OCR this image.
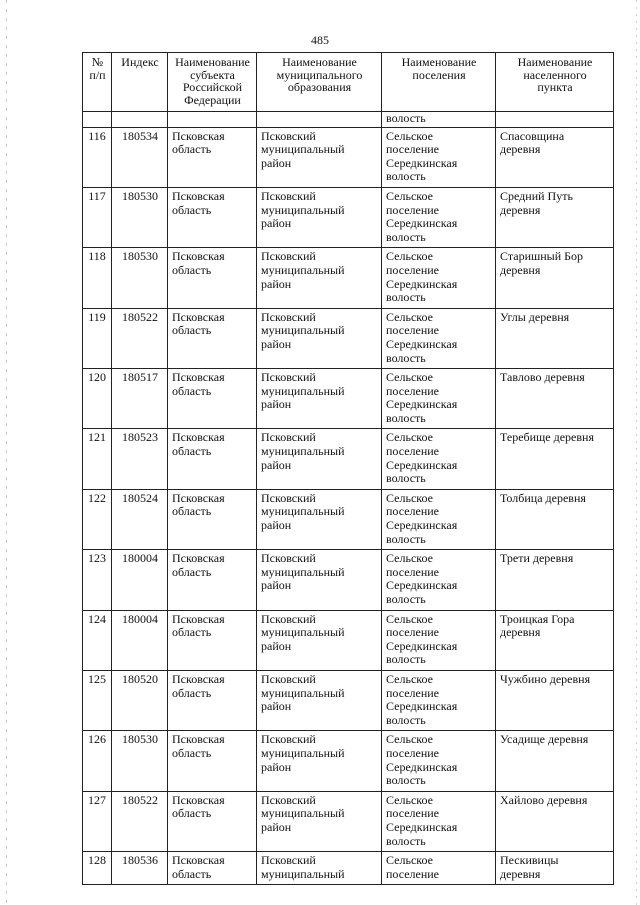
485
№
п/п	Индекс	Наименование
субъекта
Российской
Федерации	Наименование
муниципального
образования	Наименование
поселения	Наименование
населенного
пункта

				волость	
116	180534	Псковская
область	Псковский
муниципальный
район	Сельское
поселение
Середкинская
волость	Спасовщина
деревня

117	180530	Псковская
область	Псковский
муниципальный
район	Сельское
поселение
Середкинская
волость	Средний Путь
деревня

118	180530	Псковская
область	Псковский
муниципальный
район	Сельское
поселение
Середкинская
волость	Старишный Бор
деревня

119	180522	Псковская
область	Псковский
муниципальный
район	Сельское
поселение
Середкинская
волость	Углы деревня

120	180517	Псковская
область	Псковский
муниципальный
район	Сельское
поселение
Середкинская
волость	Тавлово деревня

121	180523	Псковская
область	Псковский
муниципальный
район	Сельское
поселение
Середкинская
волость	Теребище деревня

122	180524	Псковская
область	Псковский
муниципальный
район	Сельское
поселение
Середкинская
волость	Толбица деревня

123	180004	Псковская
область	Псковский
муниципальный
район	Сельское
поселение
Середкинская
волость	Трети деревня

124	180004	Псковская
область	Псковский
муниципальный
район	Сельское
поселение
Середкинская
волость	Троицкая Гора
деревня

125	180520	Псковская
область	Псковский
муниципальный
район	Сельское
поселение
Середкинская
волость	Чужбино деревня

126	180530	Псковская
область	Псковский
муниципальный
район	Сельское
поселение
Середкинская
волость	Усадище деревня

127	180522	Псковская
область	Псковский
муниципальный
район	Сельское
поселение
Середкинская
волость	Хайлово деревня

128	180536	Псковская
область	Псковский
муниципальный	Сельское
поселение	Пескивицы
деревня
